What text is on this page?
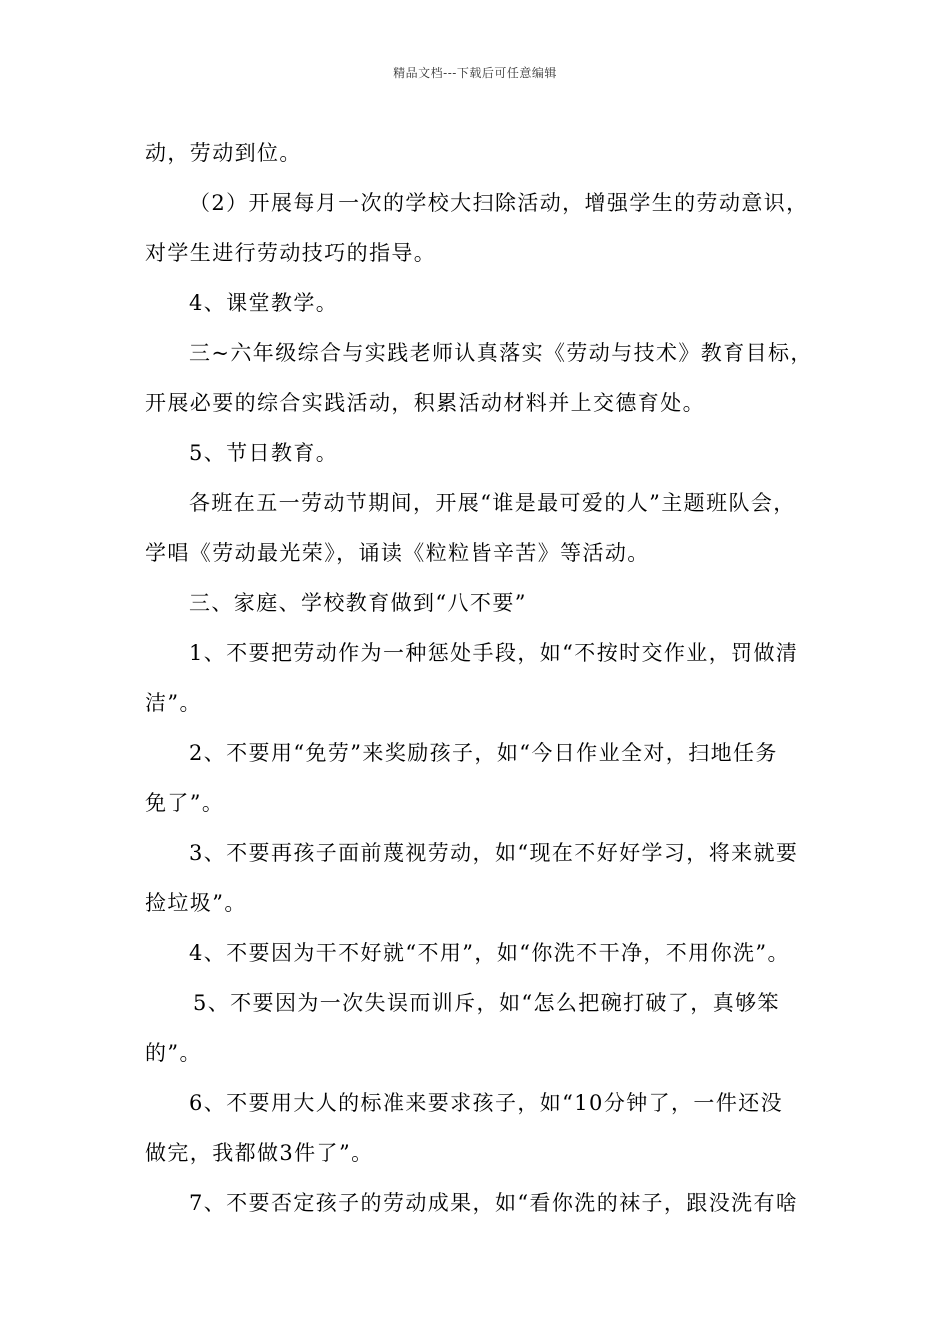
精品文档---下载后可任意编辑
动，劳动到位。
（2）开展每月一次的学校大扫除活动，增强学生的劳动意识，
对学生进行劳动技巧的指导。
4、课堂教学。
三~六年级综合与实践老师认真落实《劳动与技术》教育目标，
开展必要的综合实践活动，积累活动材料并上交德育处。
5、节日教育。
各班在五一劳动节期间，开展“谁是最可爱的人”主题班队会，
学唱《劳动最光荣》，诵读《粒粒皆辛苦》等活动。
三、家庭、学校教育做到“八不要”
1、不要把劳动作为一种惩处手段，如“不按时交作业，罚做清
洁”。
2、不要用“免劳”来奖励孩子，如“今日作业全对，扫地任务
免了”。
3、不要再孩子面前蔑视劳动，如“现在不好好学习，将来就要
捡垃圾”。
4、不要因为干不好就“不用”，如“你洗不干净，不用你洗”。
5、不要因为一次失误而训斥，如“怎么把碗打破了，真够笨
的”。
6、不要用大人的标准来要求孩子，如“10分钟了，一件还没
做完，我都做3件了”。
7、不要否定孩子的劳动成果，如“看你洗的袜子，跟没洗有啥
